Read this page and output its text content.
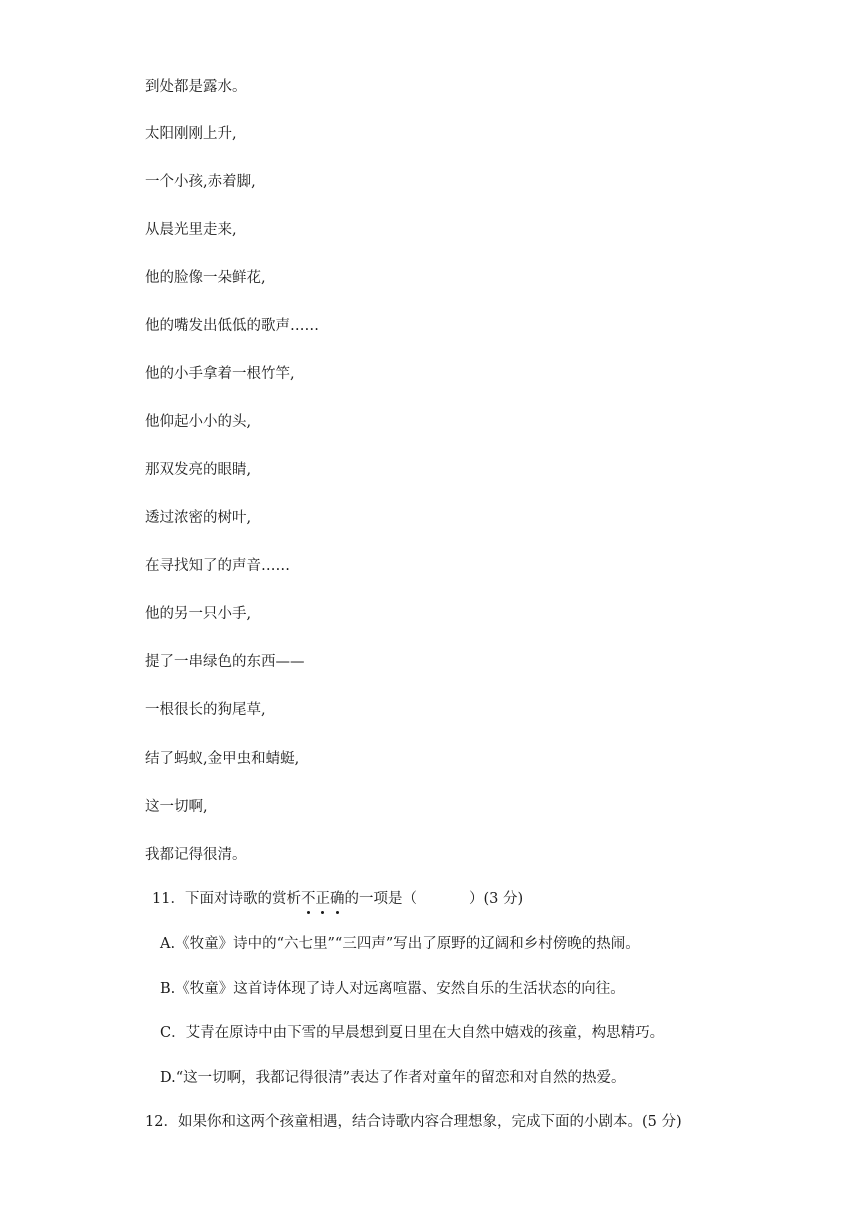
到处都是露水。
太阳刚刚上升,
一个小孩,赤着脚,
从晨光里走来,
他的脸像一朵鲜花,
他的嘴发出低低的歌声……
他的小手拿着一根竹竿,
他仰起小小的头,
那双发亮的眼睛,
透过浓密的树叶,
在寻找知了的声音……
他的另一只小手,
提了一串绿色的东西——
一根很长的狗尾草,
结了蚂蚁,金甲虫和蜻蜓,
这一切啊,
我都记得很清。
11．下面对诗歌的赏析不
正
确
的一项是（	）(3 分)
A.《牧童》诗中的“六七里”“三四声”写出了原野的辽阔和乡村傍晚的热闹。
B.《牧童》这首诗体现了诗人对远离喧嚣、安然自乐的生活状态的向往。
C．艾青在原诗中由下雪的早晨想到夏日里在大自然中嬉戏的孩童，构思精巧。
D.“这一切啊，我都记得很清”表达了作者对童年的留恋和对自然的热爱。
12．如果你和这两个孩童相遇，结合诗歌内容合理想象，完成下面的小剧本。(5 分)
